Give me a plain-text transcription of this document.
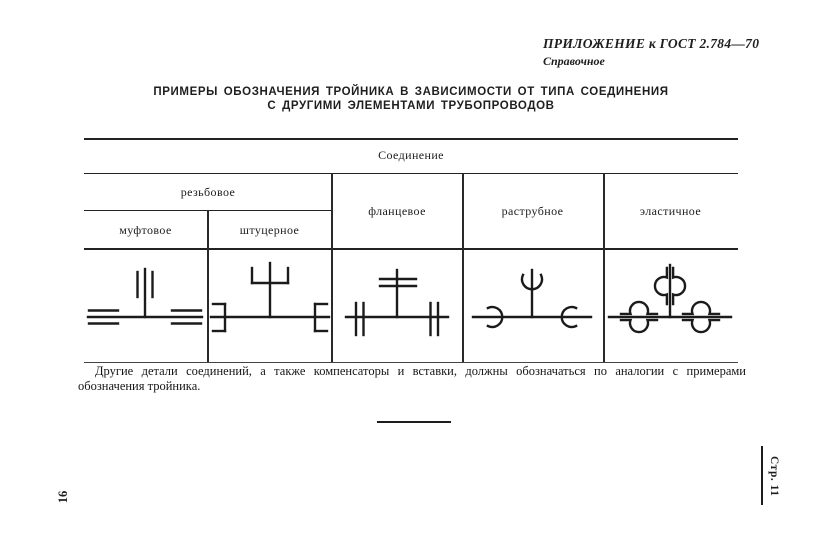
ПРИЛОЖЕНИЕ к ГОСТ 2.784—70
Справочное
ПРИМЕРЫ ОБОЗНАЧЕНИЯ ТРОЙНИКА В ЗАВИСИМОСТИ ОТ ТИПА СОЕДИНЕНИЯ
С ДРУГИМИ ЭЛЕМЕНТАМИ ТРУБОПРОВОДОВ
Соединение
резьбовое
муфтовое	штуцерное
фланцевое	раструбное	эластичное
Другие детали соединений, а также компенсаторы и вставки, должны обозначаться по аналогии с примерами
обозначения тройника.
Стр. 11
16
